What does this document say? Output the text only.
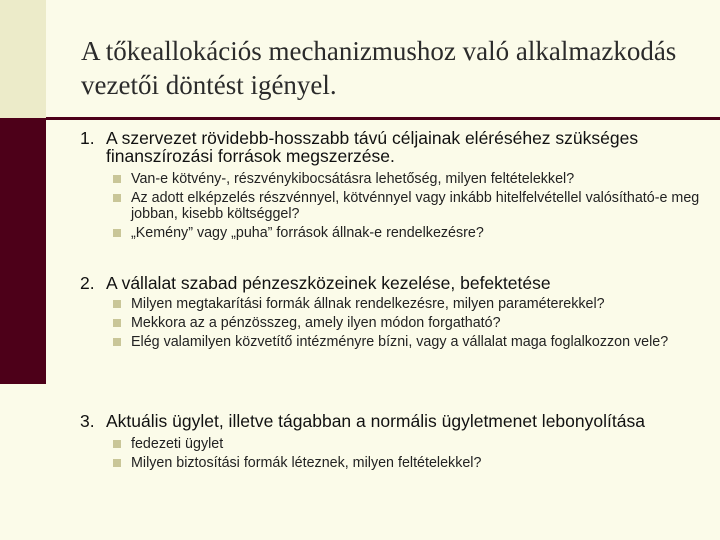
A tőkeallokációs mechanizmushoz való alkalmazkodás vezetői döntést igényel.
1. A szervezet rövidebb-hosszabb távú céljainak eléréséhez szükséges finanszírozási források megszerzése.
Van-e kötvény-, részvénykibocsátásra lehetőség, milyen feltételekkel?
Az adott elképzelés részvénnyel, kötvénnyel vagy inkább hitelfelvétellel valósítható-e meg jobban, kisebb költséggel?
„Kemény” vagy „puha” források állnak-e rendelkezésre?
2. A vállalat szabad pénzeszközeinek kezelése, befektetése
Milyen megtakarítási formák állnak rendelkezésre, milyen paraméterekkel?
Mekkora az a pénzösszeg, amely ilyen módon forgatható?
Elég valamilyen közvetítő intézményre bízni, vagy a vállalat maga foglalkozzon vele?
3. Aktuális ügylet, illetve tágabban a normális ügyletmenet lebonyolítása
fedezeti ügylet
Milyen biztosítási formák léteznek, milyen feltételekkel?
